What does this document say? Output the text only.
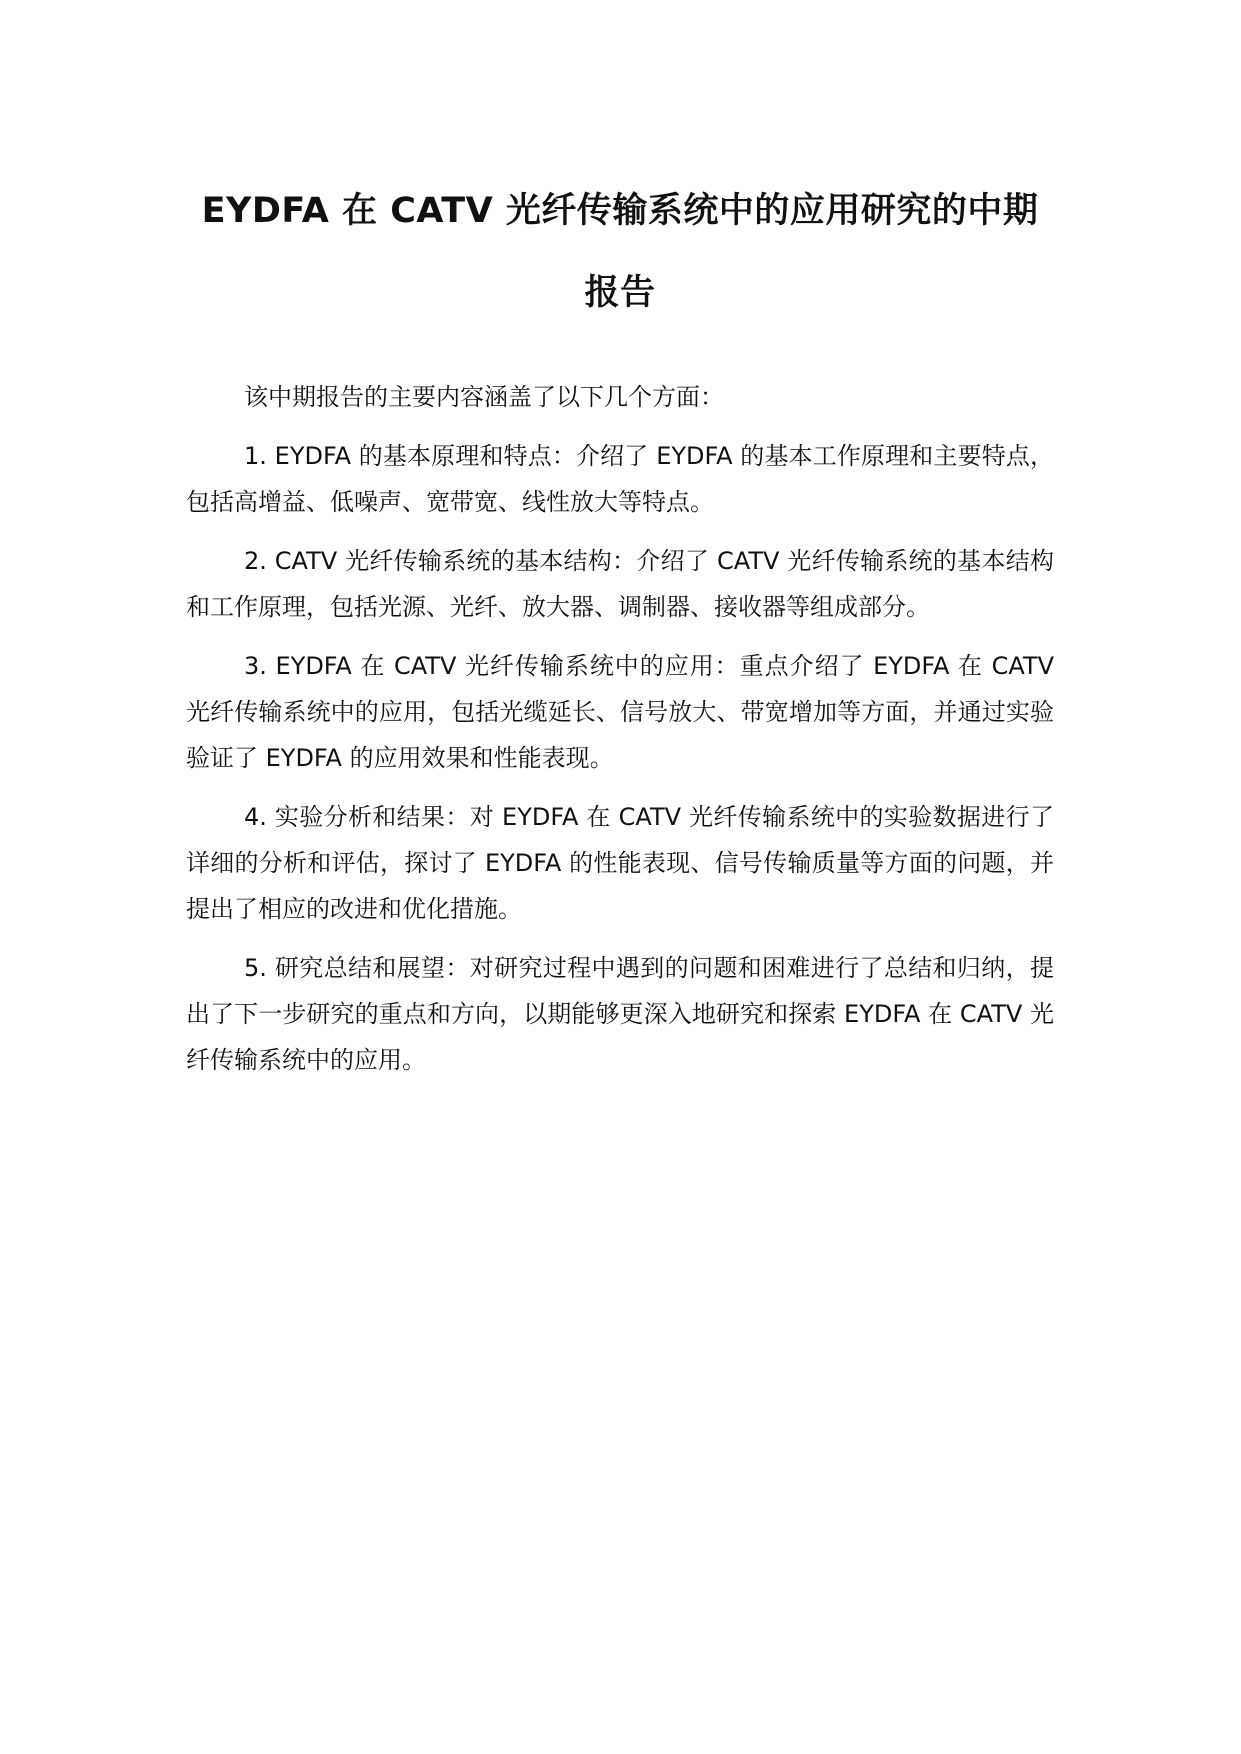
EYDFA 在 CATV 光纤传输系统中的应用研究的中期报告

该中期报告的主要内容涵盖了以下几个方面：

1. EYDFA 的基本原理和特点：介绍了 EYDFA 的基本工作原理和主要特点，包括高增益、低噪声、宽带宽、线性放大等特点。

2. CATV 光纤传输系统的基本结构：介绍了 CATV 光纤传输系统的基本结构和工作原理，包括光源、光纤、放大器、调制器、接收器等组成部分。

3. EYDFA 在 CATV 光纤传输系统中的应用：重点介绍了 EYDFA 在 CATV 光纤传输系统中的应用，包括光缆延长、信号放大、带宽增加等方面，并通过实验验证了 EYDFA 的应用效果和性能表现。

4. 实验分析和结果：对 EYDFA 在 CATV 光纤传输系统中的实验数据进行了详细的分析和评估，探讨了 EYDFA 的性能表现、信号传输质量等方面的问题，并提出了相应的改进和优化措施。

5. 研究总结和展望：对研究过程中遇到的问题和困难进行了总结和归纳，提出了下一步研究的重点和方向，以期能够更深入地研究和探索 EYDFA 在 CATV 光纤传输系统中的应用。
